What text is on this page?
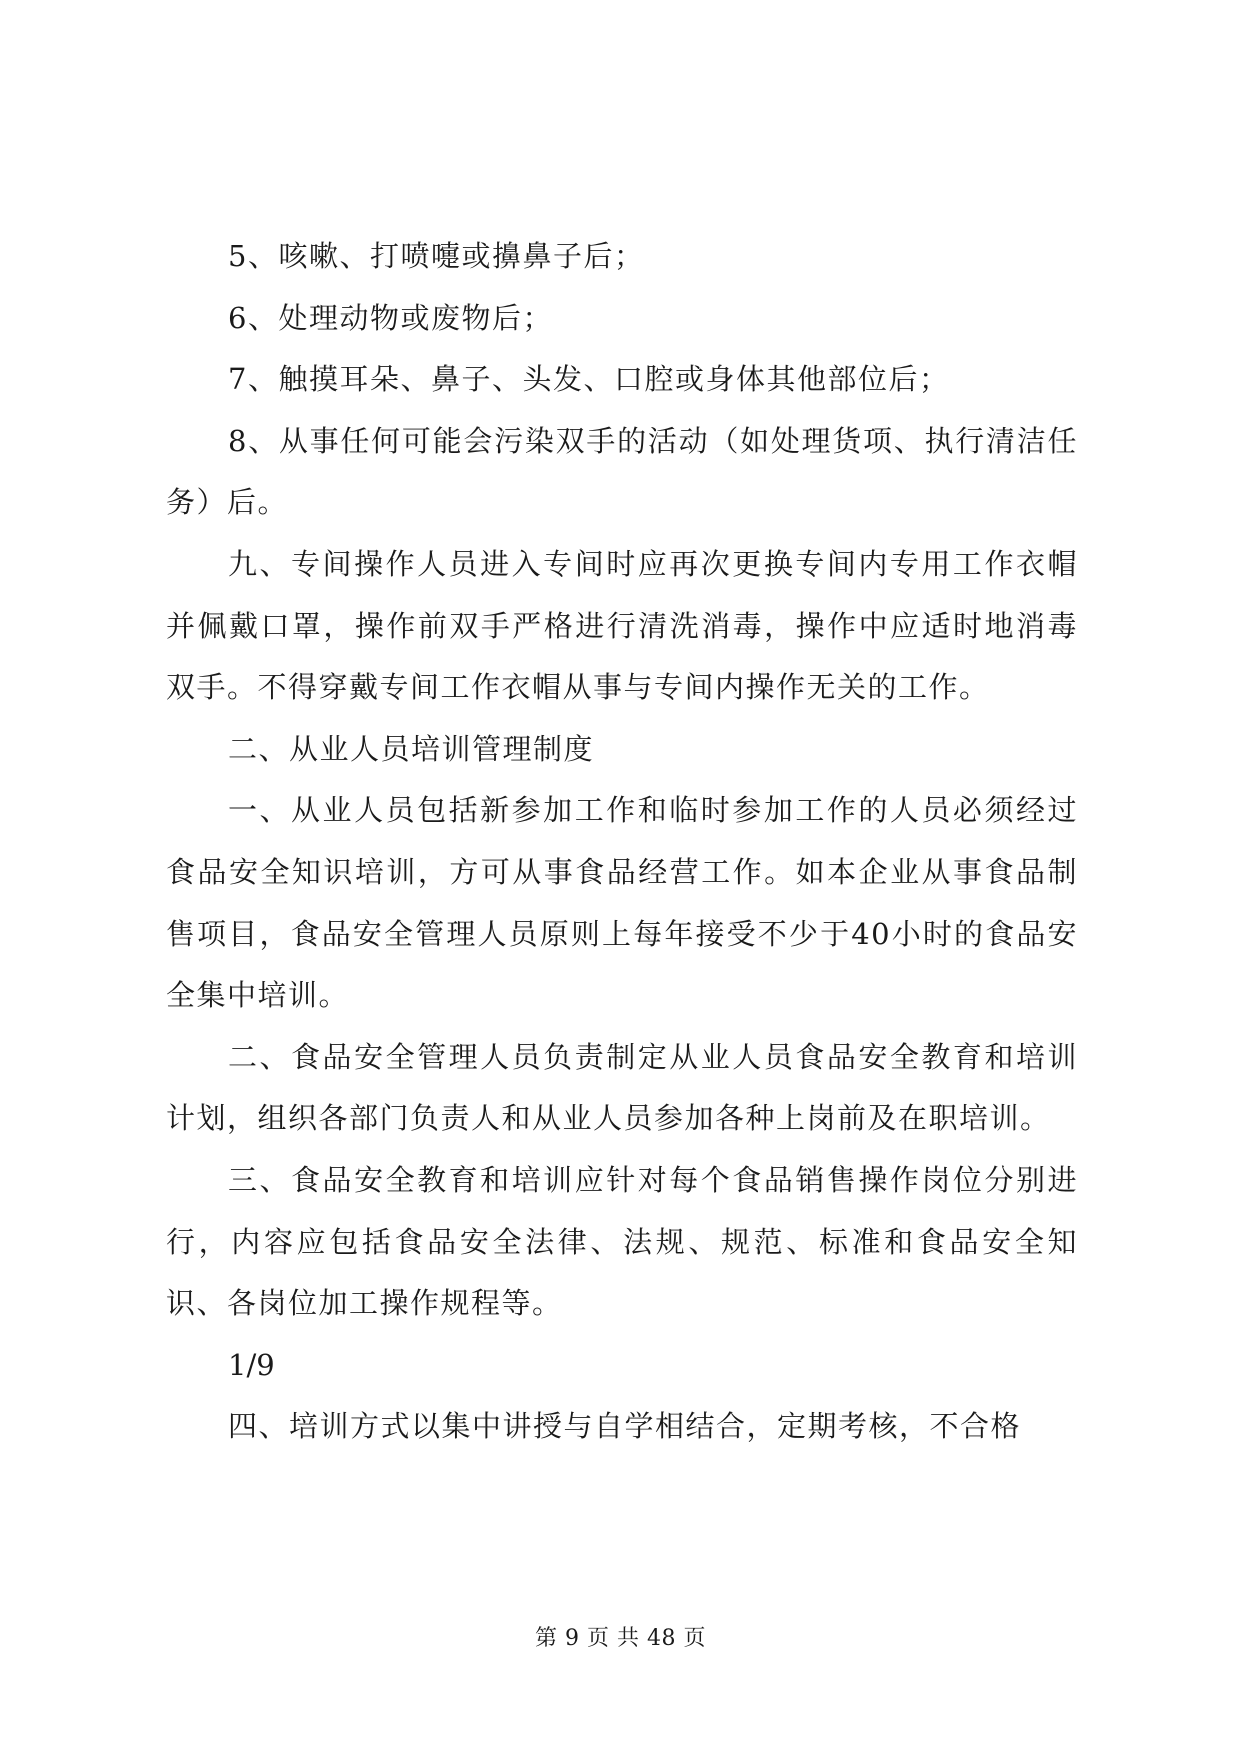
5、咳嗽、打喷嚏或擤鼻子后；

6、处理动物或废物后；

7、触摸耳朵、鼻子、头发、口腔或身体其他部位后；

8、从事任何可能会污染双手的活动（如处理货项、执行清洁任务）后。

九、专间操作人员进入专间时应再次更换专间内专用工作衣帽并佩戴口罩，操作前双手严格进行清洗消毒，操作中应适时地消毒双手。不得穿戴专间工作衣帽从事与专间内操作无关的工作。

二、从业人员培训管理制度

一、从业人员包括新参加工作和临时参加工作的人员必须经过食品安全知识培训，方可从事食品经营工作。如本企业从事食品制售项目，食品安全管理人员原则上每年接受不少于40小时的食品安全集中培训。

二、食品安全管理人员负责制定从业人员食品安全教育和培训计划，组织各部门负责人和从业人员参加各种上岗前及在职培训。

三、食品安全教育和培训应针对每个食品销售操作岗位分别进行，内容应包括食品安全法律、法规、规范、标准和食品安全知识、各岗位加工操作规程等。

1/9

四、培训方式以集中讲授与自学相结合，定期考核，不合格

第 9 页 共 48 页
